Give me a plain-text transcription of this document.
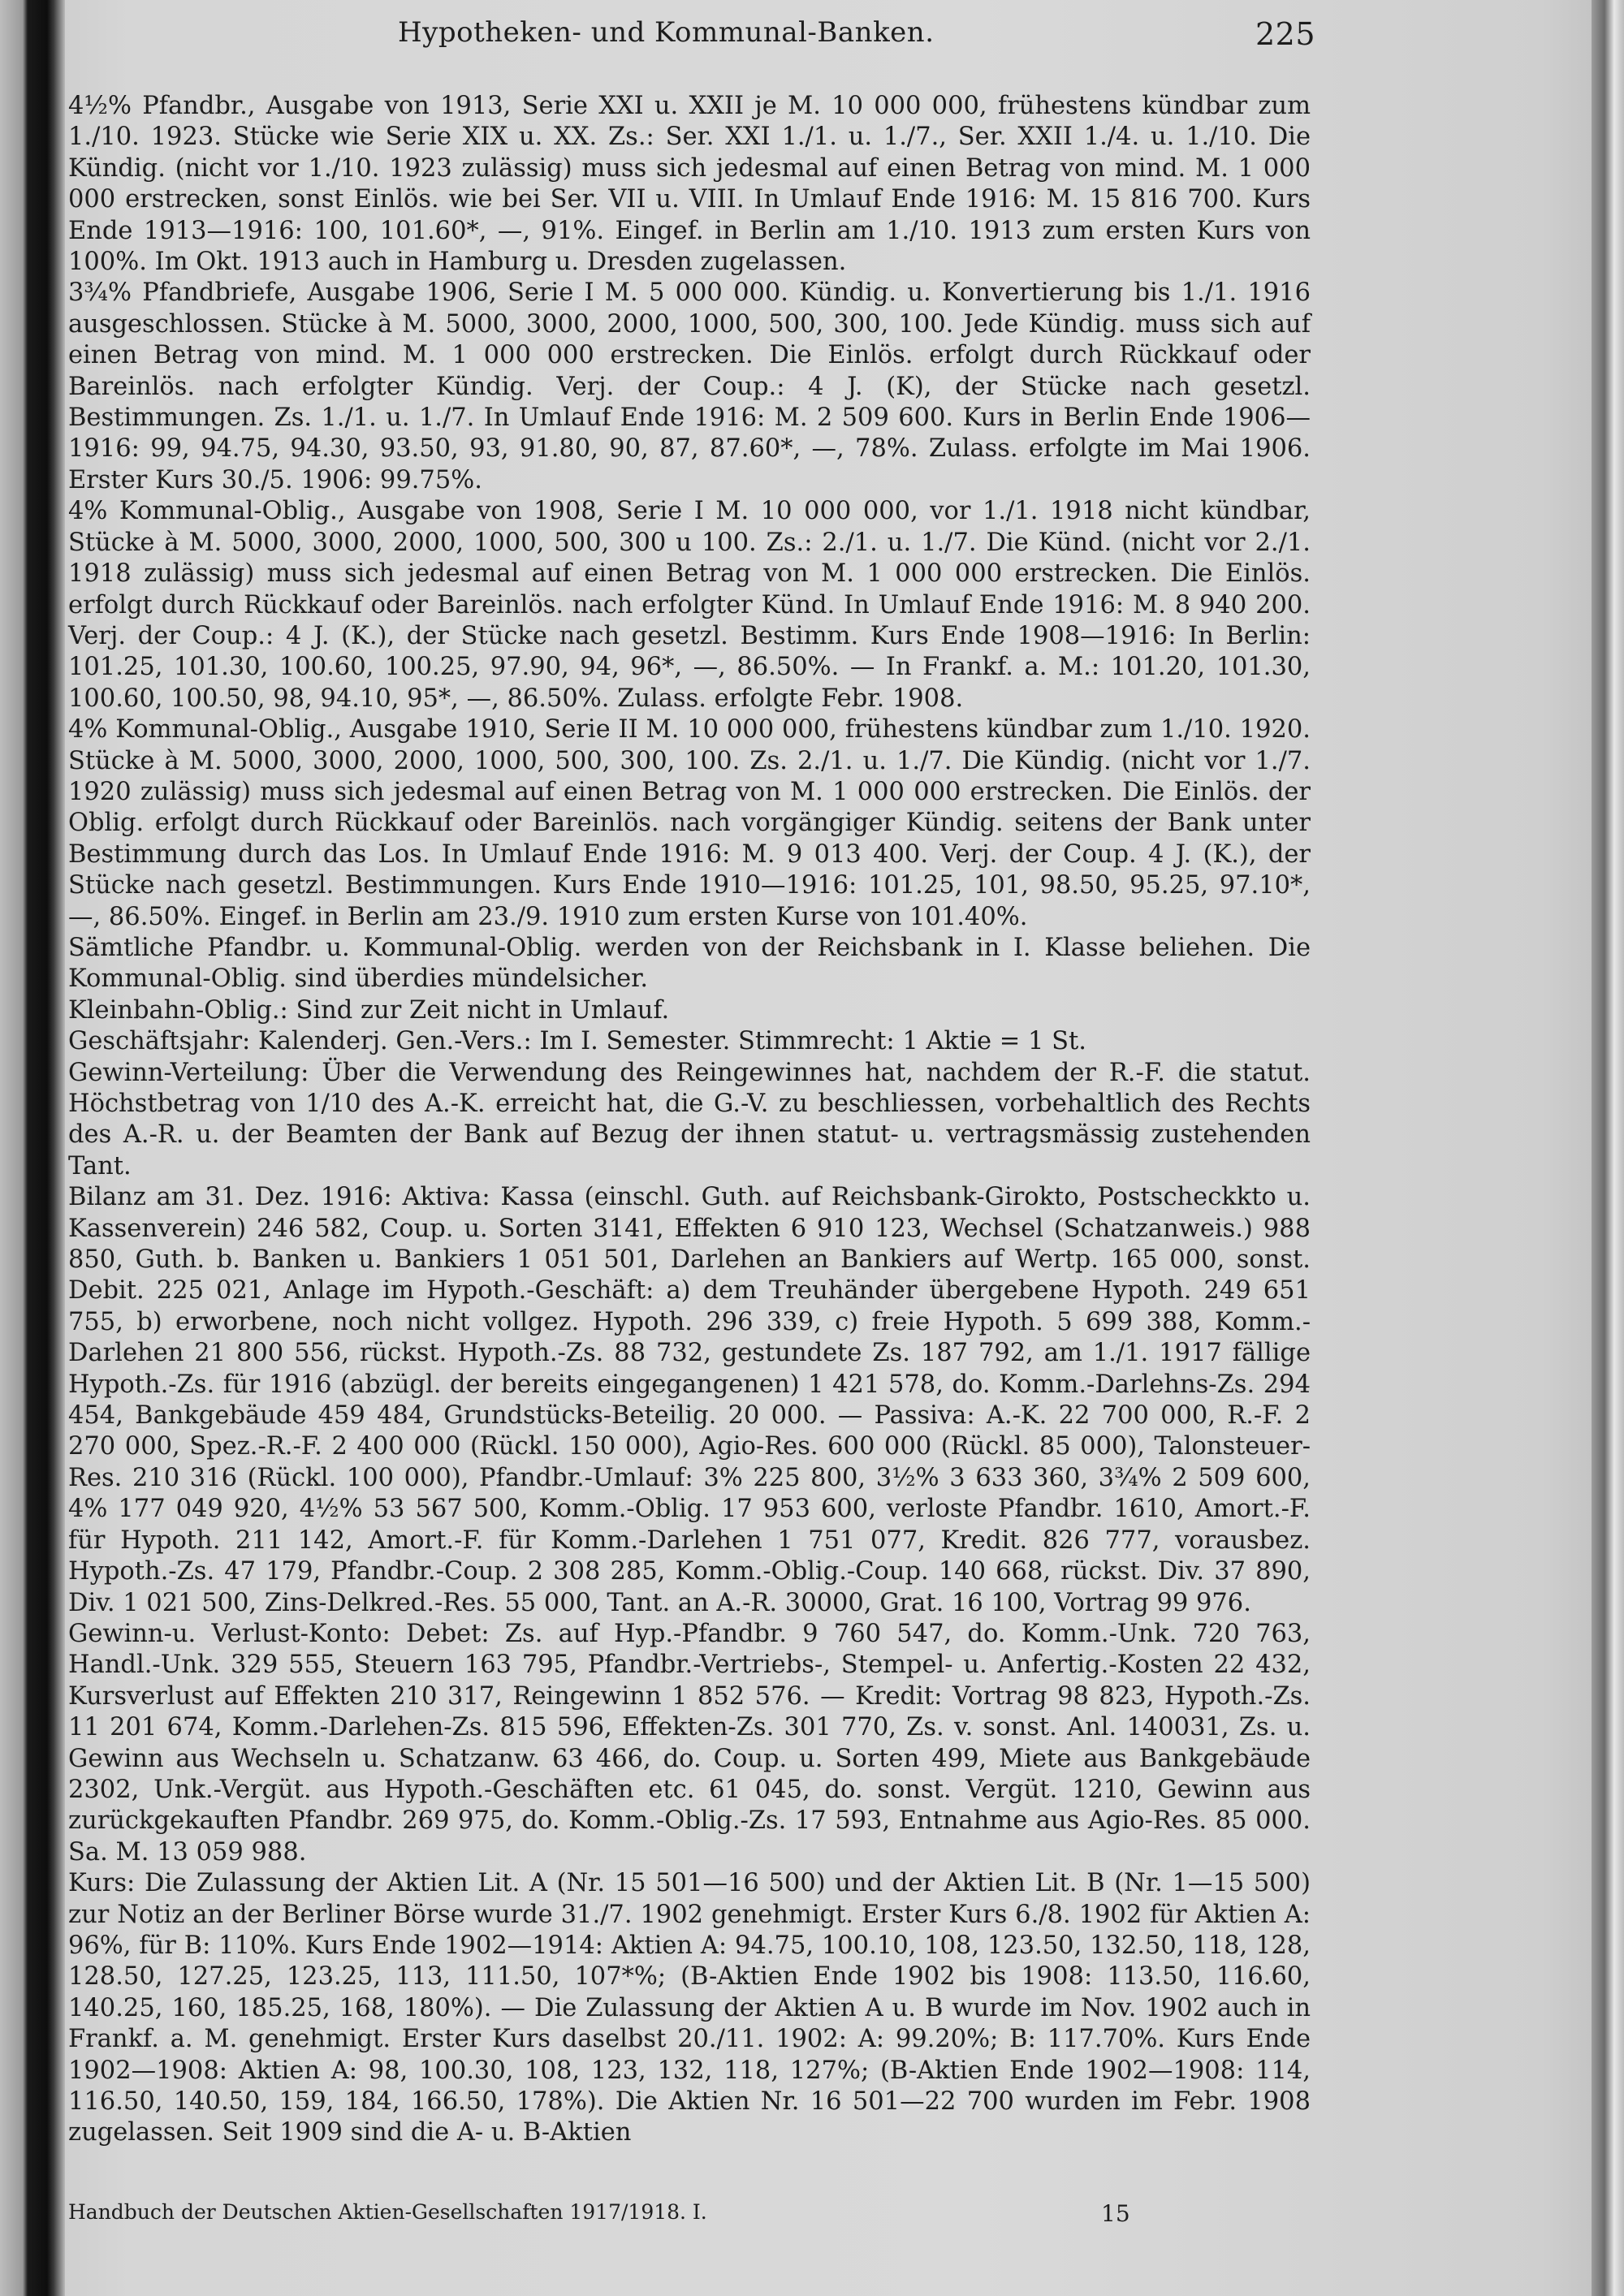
Hypotheken- und Kommunal-Banken.	225

4½% Pfandbr., Ausgabe von 1913, Serie XXI u. XXII je M. 10 000 000, frühestens kündbar zum 1./10. 1923. Stücke wie Serie XIX u. XX. Zs.: Ser. XXI 1./1. u. 1./7., Ser. XXII 1./4. u. 1./10. Die Kündig. (nicht vor 1./10. 1923 zulässig) muss sich jedesmal auf einen Betrag von mind. M. 1 000 000 erstrecken, sonst Einlös. wie bei Ser. VII u. VIII. In Umlauf Ende 1916: M. 15 816 700. Kurs Ende 1913—1916: 100, 101.60*, —, 91%. Eingef. in Berlin am 1./10. 1913 zum ersten Kurs von 100%. Im Okt. 1913 auch in Hamburg u. Dresden zugelassen.

3¾% Pfandbriefe, Ausgabe 1906, Serie I M. 5 000 000. Kündig. u. Konvertierung bis 1./1. 1916 ausgeschlossen. Stücke à M. 5000, 3000, 2000, 1000, 500, 300, 100. Jede Kündig. muss sich auf einen Betrag von mind. M. 1 000 000 erstrecken. Die Einlös. erfolgt durch Rückkauf oder Bareinlös. nach erfolgter Kündig. Verj. der Coup.: 4 J. (K), der Stücke nach gesetzl. Bestimmungen. Zs. 1./1. u. 1./7. In Umlauf Ende 1916: M. 2 509 600. Kurs in Berlin Ende 1906—1916: 99, 94.75, 94.30, 93.50, 93, 91.80, 90, 87, 87.60*, —, 78%. Zulass. erfolgte im Mai 1906. Erster Kurs 30./5. 1906: 99.75%.

4% Kommunal-Oblig., Ausgabe von 1908, Serie I M. 10 000 000, vor 1./1. 1918 nicht kündbar, Stücke à M. 5000, 3000, 2000, 1000, 500, 300 u 100. Zs.: 2./1. u. 1./7. Die Künd. (nicht vor 2./1. 1918 zulässig) muss sich jedesmal auf einen Betrag von M. 1 000 000 erstrecken. Die Einlös. erfolgt durch Rückkauf oder Bareinlös. nach erfolgter Künd. In Umlauf Ende 1916: M. 8 940 200. Verj. der Coup.: 4 J. (K.), der Stücke nach gesetzl. Bestimm. Kurs Ende 1908—1916: In Berlin: 101.25, 101.30, 100.60, 100.25, 97.90, 94, 96*, —, 86.50%. — In Frankf. a. M.: 101.20, 101.30, 100.60, 100.50, 98, 94.10, 95*, —, 86.50%. Zulass. erfolgte Febr. 1908.

4% Kommunal-Oblig., Ausgabe 1910, Serie II M. 10 000 000, frühestens kündbar zum 1./10. 1920. Stücke à M. 5000, 3000, 2000, 1000, 500, 300, 100. Zs. 2./1. u. 1./7. Die Kündig. (nicht vor 1./7. 1920 zulässig) muss sich jedesmal auf einen Betrag von M. 1 000 000 erstrecken. Die Einlös. der Oblig. erfolgt durch Rückkauf oder Bareinlös. nach vorgängiger Kündig. seitens der Bank unter Bestimmung durch das Los. In Umlauf Ende 1916: M. 9 013 400. Verj. der Coup. 4 J. (K.), der Stücke nach gesetzl. Bestimmungen. Kurs Ende 1910—1916: 101.25, 101, 98.50, 95.25, 97.10*, —, 86.50%. Eingef. in Berlin am 23./9. 1910 zum ersten Kurse von 101.40%.

Sämtliche Pfandbr. u. Kommunal-Oblig. werden von der Reichsbank in I. Klasse beliehen. Die Kommunal-Oblig. sind überdies mündelsicher.

Kleinbahn-Oblig.: Sind zur Zeit nicht in Umlauf.

Geschäftsjahr: Kalenderj. Gen.-Vers.: Im I. Semester. Stimmrecht: 1 Aktie = 1 St.

Gewinn-Verteilung: Über die Verwendung des Reingewinnes hat, nachdem der R.-F. die statut. Höchstbetrag von 1/10 des A.-K. erreicht hat, die G.-V. zu beschliessen, vorbehaltlich des Rechts des A.-R. u. der Beamten der Bank auf Bezug der ihnen statut- u. vertragsmässig zustehenden Tant.

Bilanz am 31. Dez. 1916: Aktiva: Kassa (einschl. Guth. auf Reichsbank-Girokto, Postscheckkto u. Kassenverein) 246 582, Coup. u. Sorten 3141, Effekten 6 910 123, Wechsel (Schatzanweis.) 988 850, Guth. b. Banken u. Bankiers 1 051 501, Darlehen an Bankiers auf Wertp. 165 000, sonst. Debit. 225 021, Anlage im Hypoth.-Geschäft: a) dem Treuhänder übergebene Hypoth. 249 651 755, b) erworbene, noch nicht vollgez. Hypoth. 296 339, c) freie Hypoth. 5 699 388, Komm.-Darlehen 21 800 556, rückst. Hypoth.-Zs. 88 732, gestundete Zs. 187 792, am 1./1. 1917 fällige Hypoth.-Zs. für 1916 (abzügl. der bereits eingegangenen) 1 421 578, do. Komm.-Darlehns-Zs. 294 454, Bankgebäude 459 484, Grundstücks-Beteilig. 20 000. — Passiva: A.-K. 22 700 000, R.-F. 2 270 000, Spez.-R.-F. 2 400 000 (Rückl. 150 000), Agio-Res. 600 000 (Rückl. 85 000), Talonsteuer-Res. 210 316 (Rückl. 100 000), Pfandbr.-Umlauf: 3% 225 800, 3½% 3 633 360, 3¾% 2 509 600, 4% 177 049 920, 4½% 53 567 500, Komm.-Oblig. 17 953 600, verloste Pfandbr. 1610, Amort.-F. für Hypoth. 211 142, Amort.-F. für Komm.-Darlehen 1 751 077, Kredit. 826 777, vorausbez. Hypoth.-Zs. 47 179, Pfandbr.-Coup. 2 308 285, Komm.-Oblig.-Coup. 140 668, rückst. Div. 37 890, Div. 1 021 500, Zins-Delkred.-Res. 55 000, Tant. an A.-R. 30000, Grat. 16 100, Vortrag 99 976.

Gewinn-u. Verlust-Konto: Debet: Zs. auf Hyp.-Pfandbr. 9 760 547, do. Komm.-Unk. 720 763, Handl.-Unk. 329 555, Steuern 163 795, Pfandbr.-Vertriebs-, Stempel- u. Anfertig.-Kosten 22 432, Kursverlust auf Effekten 210 317, Reingewinn 1 852 576. — Kredit: Vortrag 98 823, Hypoth.-Zs. 11 201 674, Komm.-Darlehen-Zs. 815 596, Effekten-Zs. 301 770, Zs. v. sonst. Anl. 140031, Zs. u. Gewinn aus Wechseln u. Schatzanw. 63 466, do. Coup. u. Sorten 499, Miete aus Bankgebäude 2302, Unk.-Vergüt. aus Hypoth.-Geschäften etc. 61 045, do. sonst. Vergüt. 1210, Gewinn aus zurückgekauften Pfandbr. 269 975, do. Komm.-Oblig.-Zs. 17 593, Entnahme aus Agio-Res. 85 000. Sa. M. 13 059 988.

Kurs: Die Zulassung der Aktien Lit. A (Nr. 15 501—16 500) und der Aktien Lit. B (Nr. 1—15 500) zur Notiz an der Berliner Börse wurde 31./7. 1902 genehmigt. Erster Kurs 6./8. 1902 für Aktien A: 96%, für B: 110%. Kurs Ende 1902—1914: Aktien A: 94.75, 100.10, 108, 123.50, 132.50, 118, 128, 128.50, 127.25, 123.25, 113, 111.50, 107*%; (B-Aktien Ende 1902 bis 1908: 113.50, 116.60, 140.25, 160, 185.25, 168, 180%). — Die Zulassung der Aktien A u. B wurde im Nov. 1902 auch in Frankf. a. M. genehmigt. Erster Kurs daselbst 20./11. 1902: A: 99.20%; B: 117.70%. Kurs Ende 1902—1908: Aktien A: 98, 100.30, 108, 123, 132, 118, 127%; (B-Aktien Ende 1902—1908: 114, 116.50, 140.50, 159, 184, 166.50, 178%). Die Aktien Nr. 16 501—22 700 wurden im Febr. 1908 zugelassen. Seit 1909 sind die A- u. B-Aktien

Handbuch der Deutschen Aktien-Gesellschaften 1917/1918. I.	15
